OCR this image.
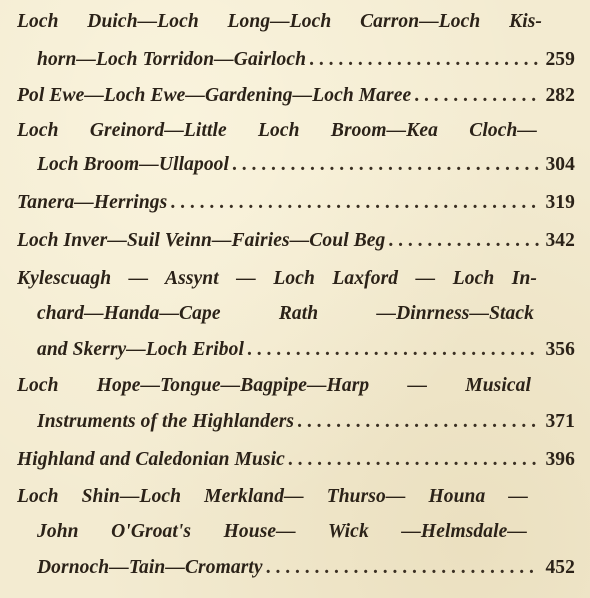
Loch Duich—Loch Long—Loch Carron—Loch Kis-
horn—Loch Torridon—Gairloch . . .	259
Pol Ewe—Loch Ewe—Gardening—Loch Maree . . .	282
Loch Greinord—Little Loch Broom—Kea Cloch—
Loch Broom—Ullapool . . .	304
Tanera—Herrings . . .	319
Loch Inver—Suil Veinn—Fairies—Coul Beg . . .	342
Kylescuagh — Assynt — Loch Laxford — Loch In-
chard—Handa—Cape Rath —Dinrness—Stack
and Skerry—Loch Eribol . . .	356
Loch Hope—Tongue—Bagpipe—Harp — Musical
Instruments of the Highlanders . . .	371
Highland and Caledonian Music . . .	396
Loch Shin—Loch Merkland— Thurso— Houna —
John O'Groat's House— Wick —Helmsdale—
Dornoch—Tain—Cromarty . . .	452
